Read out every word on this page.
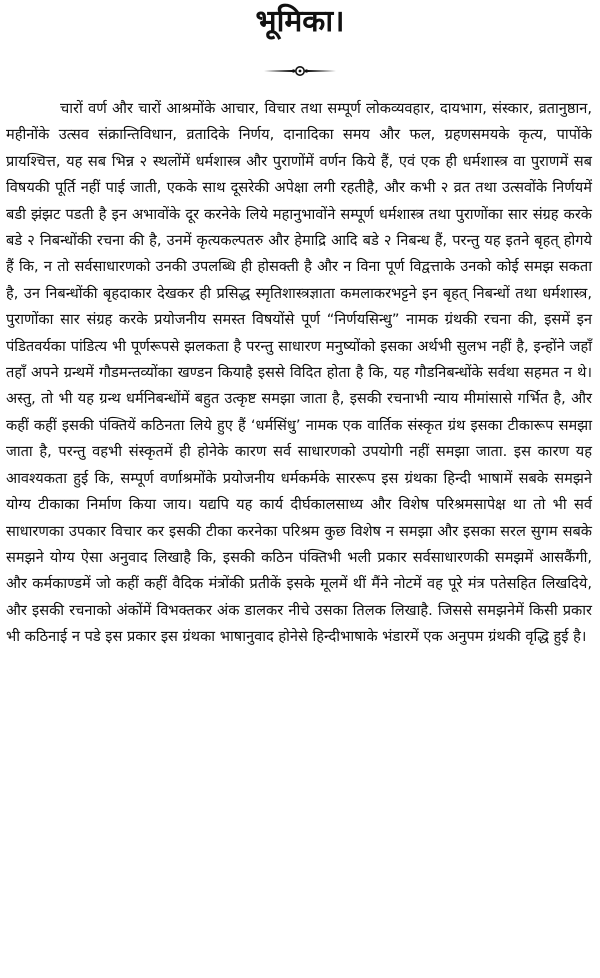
भूमिका।

चारों वर्ण और चारों आश्रमोंके आचार, विचार तथा सम्पूर्ण लोकव्यवहार, दायभाग, संस्कार, व्रतानुष्ठान, महीनोंके उत्सव संक्रान्तिविधान, व्रतादिके निर्णय, दानादिका समय और फल, ग्रहणसमयके कृत्य, पापोंके प्रायश्चित्त, यह सब भिन्न २ स्थलोंमें धर्मशास्त्र और पुराणोंमें वर्णन किये हैं, एवं एक ही धर्मशास्त्र वा पुराणमें सब विषयकी पूर्ति नहीं पाई जाती, एकके साथ दूसरेकी अपेक्षा लगी रहतीहै, और कभी २ व्रत तथा उत्सवोंके निर्णयमें बडी झंझट पडती है इन अभावोंके दूर करनेके लिये महानुभावोंने सम्पूर्ण धर्मशास्त्र तथा पुराणोंका सार संग्रह करके बडे २ निबन्धोंकी रचना की है, उनमें कृत्यकल्पतरु और हेमाद्रि आदि बडे २ निबन्ध हैं, परन्तु यह इतने बृहत् होगये हैं कि, न तो सर्वसाधारणको उनकी उपलब्धि ही होसक्ती है और न विना पूर्ण विद्वत्ताके उनको कोई समझ सकता है, उन निबन्धोंकी बृहदाकार देखकर ही प्रसिद्ध स्मृतिशास्त्रज्ञाता कमलाकरभट्टने इन बृहत् निबन्धों तथा धर्मशास्त्र, पुराणोंका सार संग्रह करके प्रयोजनीय समस्त विषयोंसे पूर्ण “निर्णयसिन्धु” नामक ग्रंथकी रचना की, इसमें इन पंडितवर्यका पांडित्य भी पूर्णरूपसे झलकता है परन्तु साधारण मनुष्योंको इसका अर्थभी सुलभ नहीं है, इन्होंने जहाँ तहाँ अपने ग्रन्थमें गौडमन्तव्योंका खण्डन कियाहै इससे विदित होता है कि, यह गौडनिबन्धोंके सर्वथा सहमत न थे। अस्तु, तो भी यह ग्रन्थ धर्मनिबन्धोंमें बहुत उत्कृष्ट समझा जाता है, इसकी रचनाभी न्याय मीमांसासे गर्भित है, और कहीं कहीं इसकी पंक्तियें कठिनता लिये हुए हैं ‘धर्मसिंधु’ नामक एक वार्तिक संस्कृत ग्रंथ इसका टीकारूप समझा जाता है, परन्तु वहभी संस्कृतमें ही होनेके कारण सर्व साधारणको उपयोगी नहीं समझा जाता. इस कारण यह आवश्यकता हुई कि, सम्पूर्ण वर्णाश्रमोंके प्रयोजनीय धर्मकर्मके साररूप इस ग्रंथका हिन्दी भाषामें सबके समझने योग्य टीकाका निर्माण किया जाय। यद्यपि यह कार्य दीर्घकालसाध्य और विशेष परिश्रमसापेक्ष था तो भी सर्व साधारणका उपकार विचार कर इसकी टीका करनेका परिश्रम कुछ विशेष न समझा और इसका सरल सुगम सबके समझने योग्य ऐसा अनुवाद लिखाहै कि, इसकी कठिन पंक्तिभी भली प्रकार सर्वसाधारणकी समझमें आसकैंगी, और कर्मकाण्डमें जो कहीं कहीं वैदिक मंत्रोंकी प्रतीकें इसके मूलमें थीं मैंने नोटमें वह पूरे मंत्र पतेसहित लिखदिये, और इसकी रचनाको अंकोंमें विभक्तकर अंक डालकर नीचे उसका तिलक लिखाहै. जिससे समझनेमें किसी प्रकार भी कठिनाई न पडे इस प्रकार इस ग्रंथका भाषानुवाद होनेसे हिन्दीभाषाके भंडारमें एक अनुपम ग्रंथकी वृद्धि हुई है।
